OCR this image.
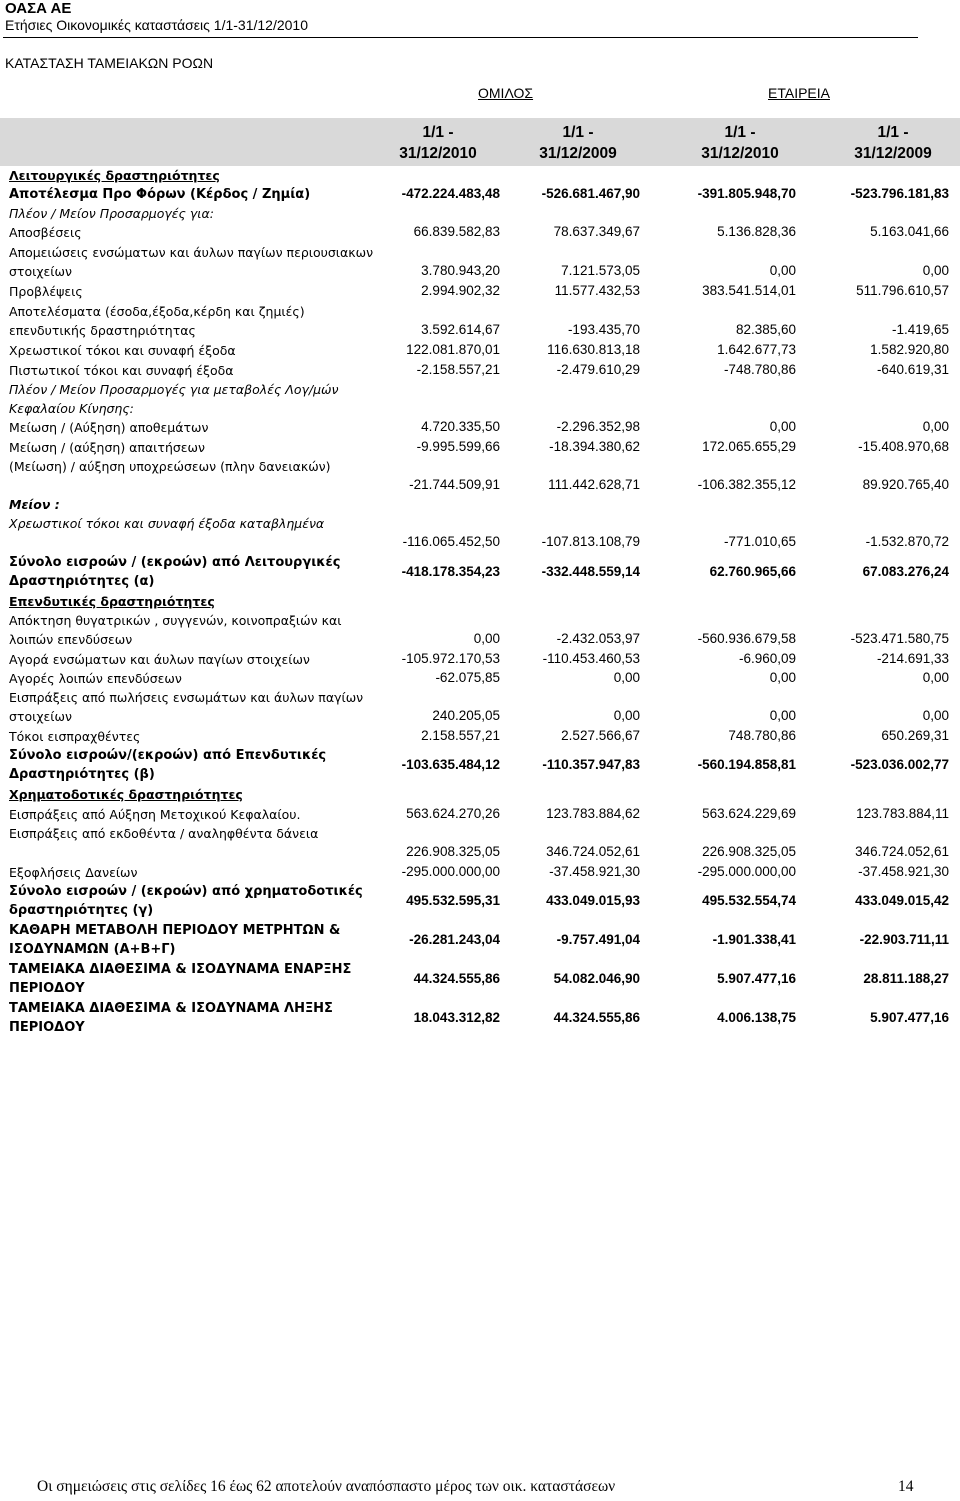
ΟΑΣΑ ΑΕ
Ετήσιες Οικονομικές καταστάσεις 1/1-31/12/2010
ΚΑΤΑΣΤΑΣΗ ΤΑΜΕΙΑΚΩΝ ΡΟΩΝ
ΟΜΙΛΟΣ	ΕΤΑΙΡΕΙΑ
1/1 -
31/12/2010
1/1 -
31/12/2009
1/1 -
31/12/2010
1/1 -
31/12/2009
Λειτουργικές δραστηριότητες
Αποτέλεσμα Προ Φόρων (Κέρδος / Ζημία)	-472.224.483,48	-526.681.467,90	-391.805.948,70	-523.796.181,83
Πλέον / Μείον Προσαρμογές για:
Αποσβέσεις	66.839.582,83	78.637.349,67	5.136.828,36	5.163.041,66
Απομειώσεις ενσώματων και άυλων παγίων περιουσιακων στοιχείων	3.780.943,20	7.121.573,05	0,00	0,00
Προβλέψεις	2.994.902,32	11.577.432,53	383.541.514,01	511.796.610,57
Αποτελέσματα (έσοδα,έξοδα,κέρδη και ζημιές) επενδυτικής δραστηριότητας	3.592.614,67	-193.435,70	82.385,60	-1.419,65
Χρεωστικοί τόκοι και συναφή έξοδα	122.081.870,01	116.630.813,18	1.642.677,73	1.582.920,80
Πιστωτικοί τόκοι και συναφή έξοδα	-2.158.557,21	-2.479.610,29	-748.780,86	-640.619,31
Πλέον / Μείον Προσαρμογές για μεταβολές Λογ/μών Κεφαλαίου Κίνησης:
Μείωση / (Αύξηση) αποθεμάτων	4.720.335,50	-2.296.352,98	0,00	0,00
Μείωση / (αύξηση) απαιτήσεων	-9.995.599,66	-18.394.380,62	172.065.655,29	-15.408.970,68
(Μείωση) / αύξηση υποχρεώσεων (πλην δανειακών)
-21.744.509,91	111.442.628,71	-106.382.355,12	89.920.765,40
Μείον :
Χρεωστικοί τόκοι και συναφή έξοδα καταβλημένα
-116.065.452,50	-107.813.108,79	-771.010,65	-1.532.870,72
Σύνολο εισροών / (εκροών) από Λειτουργικές Δραστηριότητες (α)
-418.178.354,23	-332.448.559,14	62.760.965,66	67.083.276,24
Επενδυτικές δραστηριότητες
Απόκτηση θυγατρικών , συγγενών, κοινοπραξιών και λοιπών επενδύσεων	0,00	-2.432.053,97	-560.936.679,58	-523.471.580,75
Αγορά ενσώματων και άυλων παγίων στοιχείων	-105.972.170,53	-110.453.460,53	-6.960,09	-214.691,33
Αγορές λοιπών επενδύσεων	-62.075,85	0,00	0,00	0,00
Εισπράξεις από πωλήσεις ενσωμάτων και άυλων παγίων στοιχείων	240.205,05	0,00	0,00	0,00
Τόκοι εισπραχθέντες	2.158.557,21	2.527.566,67	748.780,86	650.269,31
Σύνολο εισροών/(εκροών) από Επενδυτικές Δραστηριότητες (β)
-103.635.484,12	-110.357.947,83	-560.194.858,81	-523.036.002,77
Χρηματοδοτικές δραστηριότητες
Εισπράξεις από Αύξηση Μετοχικού Κεφαλαίου.	563.624.270,26	123.783.884,62	563.624.229,69	123.783.884,11
Εισπράξεις από εκδοθέντα / αναληφθέντα δάνεια
226.908.325,05	346.724.052,61	226.908.325,05	346.724.052,61
Εξοφλήσεις Δανείων	-295.000.000,00	-37.458.921,30	-295.000.000,00	-37.458.921,30
Σύνολο εισροών / (εκροών) από χρηματοδοτικές δραστηριότητες (γ)
495.532.595,31	433.049.015,93	495.532.554,74	433.049.015,42
ΚΑΘΑΡΗ ΜΕΤΑΒΟΛΗ ΠΕΡΙΟΔΟΥ ΜΕΤΡΗΤΩΝ & ΙΣΟΔΥΝΑΜΩΝ (Α+Β+Γ)
-26.281.243,04	-9.757.491,04	-1.901.338,41	-22.903.711,11
ΤΑΜΕΙΑΚΑ ΔΙΑΘΕΣΙΜΑ & ΙΣΟΔΥΝΑΜΑ ΕΝΑΡΞΗΣ ΠΕΡΙΟΔΟΥ
44.324.555,86	54.082.046,90	5.907.477,16	28.811.188,27
ΤΑΜΕΙΑΚΑ ΔΙΑΘΕΣΙΜΑ & ΙΣΟΔΥΝΑΜΑ ΛΗΞΗΣ ΠΕΡΙΟΔΟΥ
18.043.312,82	44.324.555,86	4.006.138,75	5.907.477,16
Οι σημειώσεις στις σελίδες 16 έως 62 αποτελούν αναπόσπαστο μέρος των οικ. καταστάσεων	14
